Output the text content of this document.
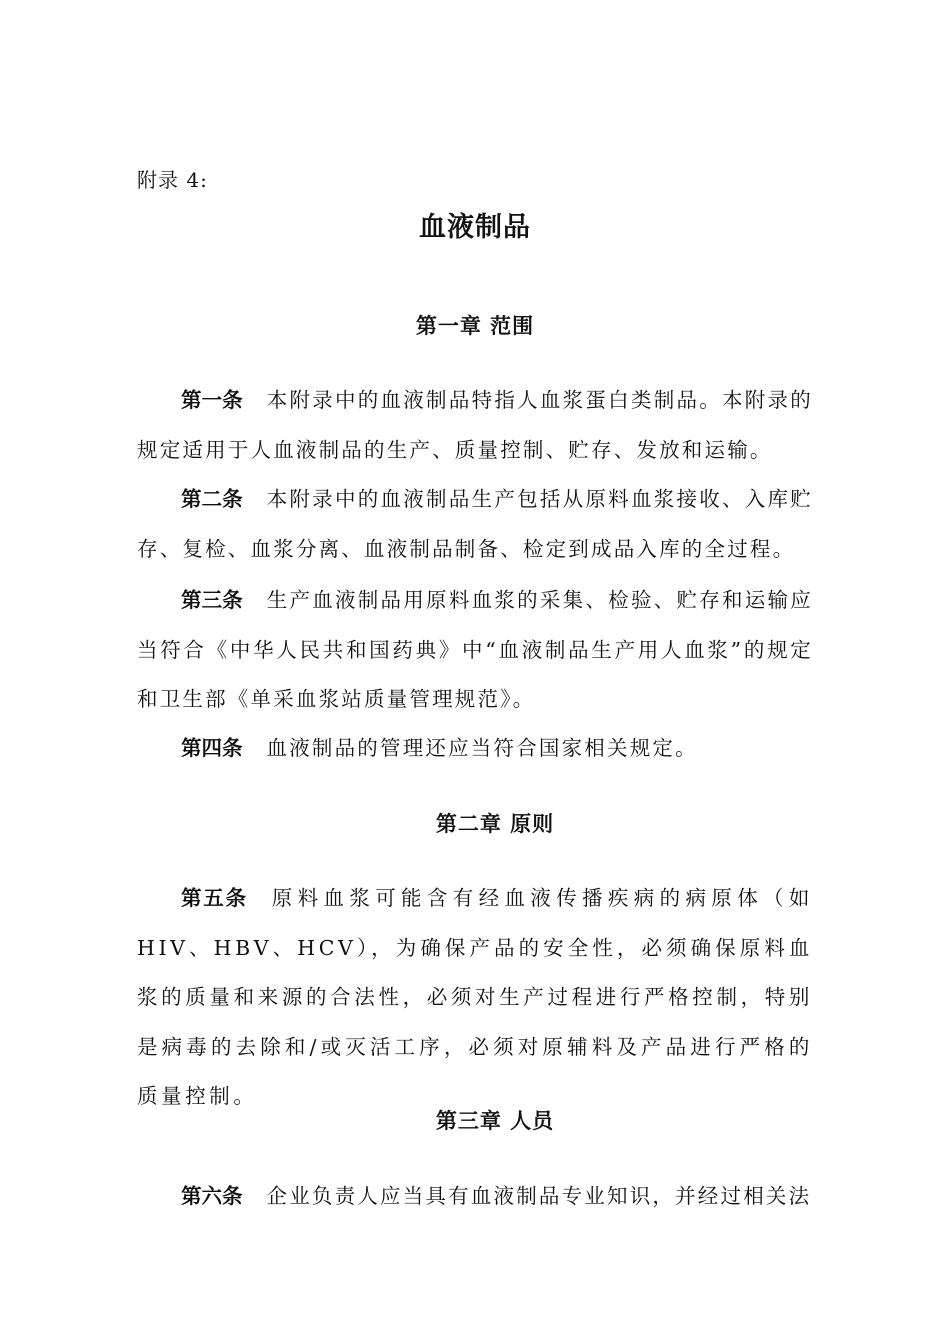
附录 4:
血液制品
第一章 范围
第一条 本附录中的血液制品特指人血浆蛋白类制品。本附录的规定适用于人血液制品的生产、质量控制、贮存、发放和运输。
第二条 本附录中的血液制品生产包括从原料血浆接收、入库贮存、复检、血浆分离、血液制品制备、检定到成品入库的全过程。
第三条 生产血液制品用原料血浆的采集、检验、贮存和运输应当符合《中华人民共和国药典》中“血液制品生产用人血浆”的规定和卫生部《单采血浆站质量管理规范》。
第四条 血液制品的管理还应当符合国家相关规定。
第二章 原则
第五条 原料血浆可能含有经血液传播疾病的病原体（如HIV、HBV、HCV），为确保产品的安全性，必须确保原料血浆的质量和来源的合法性，必须对生产过程进行严格控制，特别是病毒的去除和/或灭活工序，必须对原辅料及产品进行严格的质量控制。
第三章 人员
第六条 企业负责人应当具有血液制品专业知识，并经过相关法
